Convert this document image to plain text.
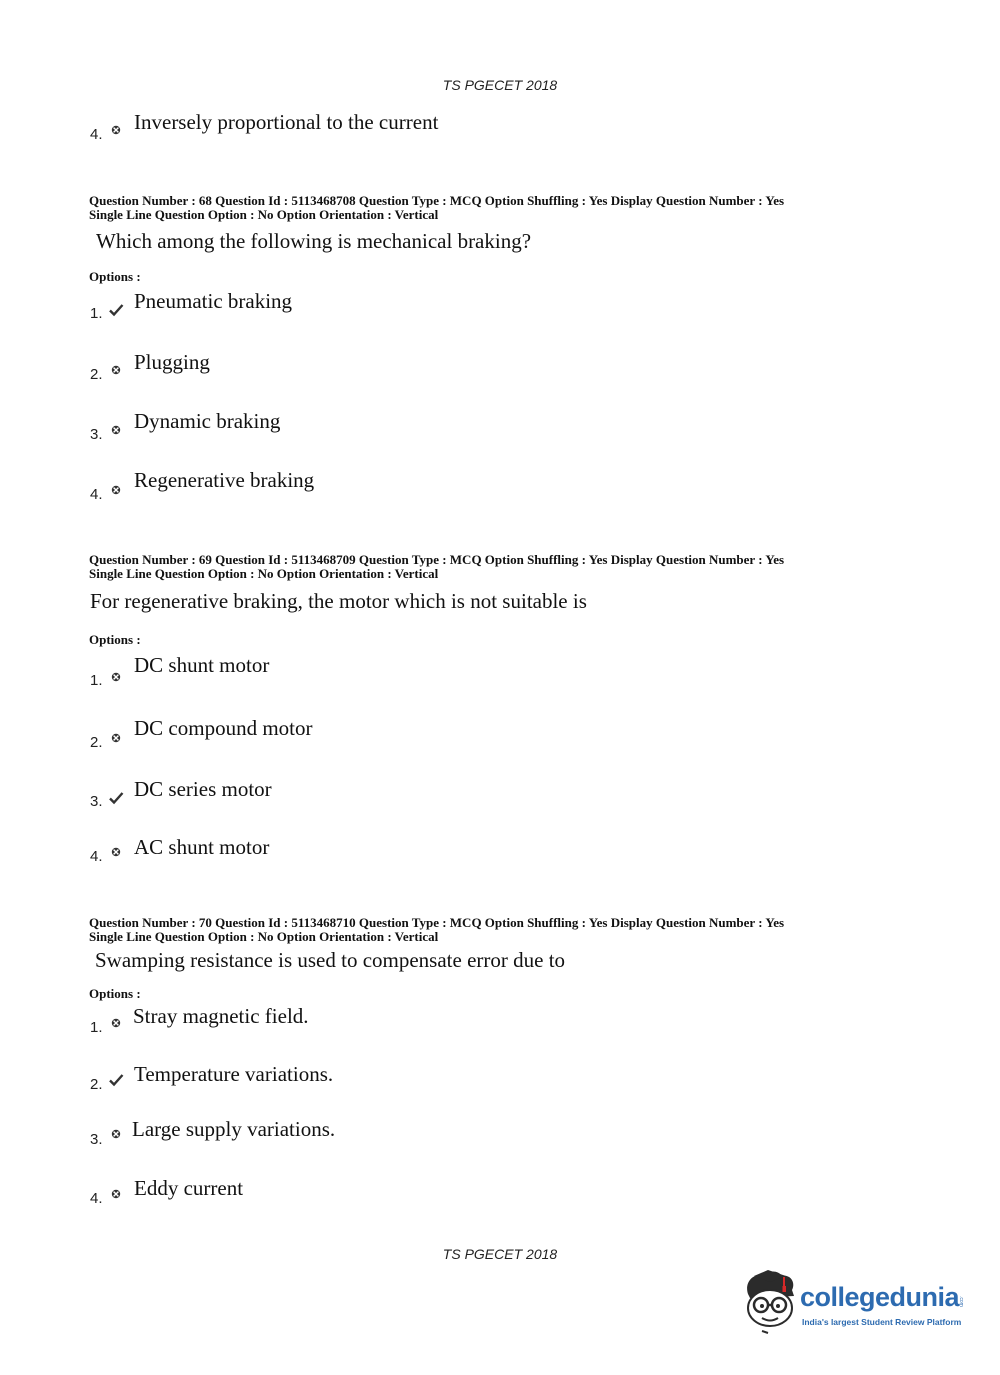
TS PGECET 2018
4.
Inversely proportional to the current
Question Number : 68 Question Id : 5113468708 Question Type : MCQ Option Shuffling : Yes Display Question Number : Yes
Single Line Question Option : No Option Orientation : Vertical
Which among the following is mechanical braking?
Options :
1.
Pneumatic braking
2.
Plugging
3.
Dynamic braking
4.
Regenerative braking
Question Number : 69 Question Id : 5113468709 Question Type : MCQ Option Shuffling : Yes Display Question Number : Yes
Single Line Question Option : No Option Orientation : Vertical
For regenerative braking, the motor which is not suitable is
Options :
1.
DC shunt motor
2.
DC compound motor
3.
DC series motor
4. AC shunt motor
Question Number : 70 Question Id : 5113468710 Question Type : MCQ Option Shuffling : Yes Display Question Number : Yes
Single Line Question Option : No Option Orientation : Vertical
Swamping resistance is used to compensate error due to
Options :
1. Stray magnetic field.
2. Temperature variations.
3. Large supply variations.
4. Eddy current
TS PGECET 2018
collegedunia
.com
India's largest Student Review Platform
